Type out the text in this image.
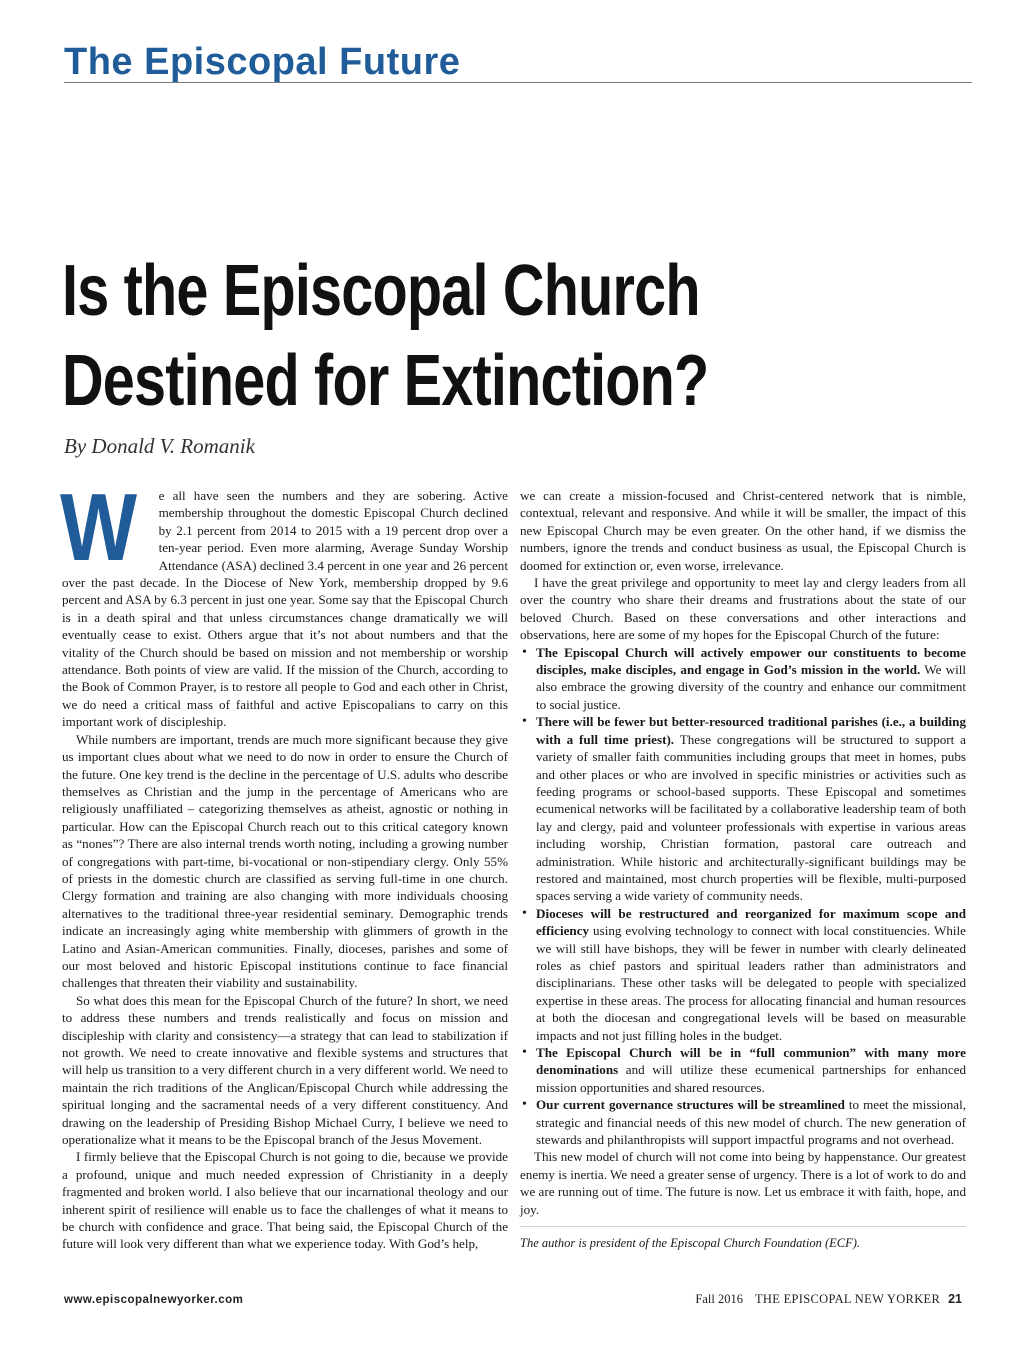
The Episcopal Future
Is the Episcopal Church Destined for Extinction?

By Donald V. Romanik

W e all have seen the numbers and they are sobering. Active membership throughout the domestic Episcopal Church declined by 2.1 percent from 2014 to 2015 with a 19 percent drop over a ten-year period. Even more alarming, Average Sunday Worship Attendance (ASA) declined 3.4 percent in one year and 26 percent over the past decade. In the Diocese of New York, membership dropped by 9.6 percent and ASA by 6.3 percent in just one year. Some say that the Episcopal Church is in a death spiral and that unless circumstances change dramatically we will eventually cease to exist. Others argue that it’s not about numbers and that the vitality of the Church should be based on mission and not membership or worship attendance. Both points of view are valid. If the mission of the Church, according to the Book of Common Prayer, is to restore all people to God and each other in Christ, we do need a critical mass of faithful and active Episcopalians to carry on this important work of discipleship.

While numbers are important, trends are much more significant because they give us important clues about what we need to do now in order to ensure the Church of the future. One key trend is the decline in the percentage of U.S. adults who describe themselves as Christian and the jump in the percentage of Americans who are religiously unaffiliated – categorizing themselves as atheist, agnostic or nothing in particular. How can the Episcopal Church reach out to this critical category known as “nones”? There are also internal trends worth noting, including a growing number of congregations with part-time, bi-vocational or non-stipendiary clergy. Only 55% of priests in the domestic church are classified as serving full-time in one church. Clergy formation and training are also changing with more individuals choosing alternatives to the traditional three-year residential seminary. Demographic trends indicate an increasingly aging white membership with glimmers of growth in the Latino and Asian-American communities. Finally, dioceses, parishes and some of our most beloved and historic Episcopal institutions continue to face financial challenges that threaten their viability and sustainability.

So what does this mean for the Episcopal Church of the future? In short, we need to address these numbers and trends realistically and focus on mission and discipleship with clarity and consistency—a strategy that can lead to stabilization if not growth. We need to create innovative and flexible systems and structures that will help us transition to a very different church in a very different world. We need to maintain the rich traditions of the Anglican/Episcopal Church while addressing the spiritual longing and the sacramental needs of a very different constituency. And drawing on the leadership of Presiding Bishop Michael Curry, I believe we need to operationalize what it means to be the Episcopal branch of the Jesus Movement.

I firmly believe that the Episcopal Church is not going to die, because we provide a profound, unique and much needed expression of Christianity in a deeply fragmented and broken world. I also believe that our incarnational theology and our inherent spirit of resilience will enable us to face the challenges of what it means to be church with confidence and grace. That being said, the Episcopal Church of the future will look very different than what we experience today. With God’s help,

we can create a mission-focused and Christ-centered network that is nimble, contextual, relevant and responsive. And while it will be smaller, the impact of this new Episcopal Church may be even greater. On the other hand, if we dismiss the numbers, ignore the trends and conduct business as usual, the Episcopal Church is doomed for extinction or, even worse, irrelevance.

I have the great privilege and opportunity to meet lay and clergy leaders from all over the country who share their dreams and frustrations about the state of our beloved Church. Based on these conversations and other interactions and observations, here are some of my hopes for the Episcopal Church of the future:

• The Episcopal Church will actively empower our constituents to become disciples, make disciples, and engage in God’s mission in the world. We will also embrace the growing diversity of the country and enhance our commitment to social justice.
• There will be fewer but better-resourced traditional parishes (i.e., a building with a full time priest). These congregations will be structured to support a variety of smaller faith communities including groups that meet in homes, pubs and other places or who are involved in specific ministries or activities such as feeding programs or school-based supports. These Episcopal and sometimes ecumenical networks will be facilitated by a collaborative leadership team of both lay and clergy, paid and volunteer professionals with expertise in various areas including worship, Christian formation, pastoral care outreach and administration. While historic and architecturally-significant buildings may be restored and maintained, most church properties will be flexible, multi-purposed spaces serving a wide variety of community needs.
• Dioceses will be restructured and reorganized for maximum scope and efficiency using evolving technology to connect with local constituencies. While we will still have bishops, they will be fewer in number with clearly delineated roles as chief pastors and spiritual leaders rather than administrators and disciplinarians. These other tasks will be delegated to people with specialized expertise in these areas. The process for allocating financial and human resources at both the diocesan and congregational levels will be based on measurable impacts and not just filling holes in the budget.
• The Episcopal Church will be in “full communion” with many more denominations and will utilize these ecumenical partnerships for enhanced mission opportunities and shared resources.
• Our current governance structures will be streamlined to meet the missional, strategic and financial needs of this new model of church. The new generation of stewards and philanthropists will support impactful programs and not overhead.

This new model of church will not come into being by happenstance. Our greatest enemy is inertia. We need a greater sense of urgency. There is a lot of work to do and we are running out of time. The future is now. Let us embrace it with faith, hope, and joy.

The author is president of the Episcopal Church Foundation (ECF).

www.episcopalnewyorker.com	Fall 2016 THE EPISCOPAL NEW YORKER 21
